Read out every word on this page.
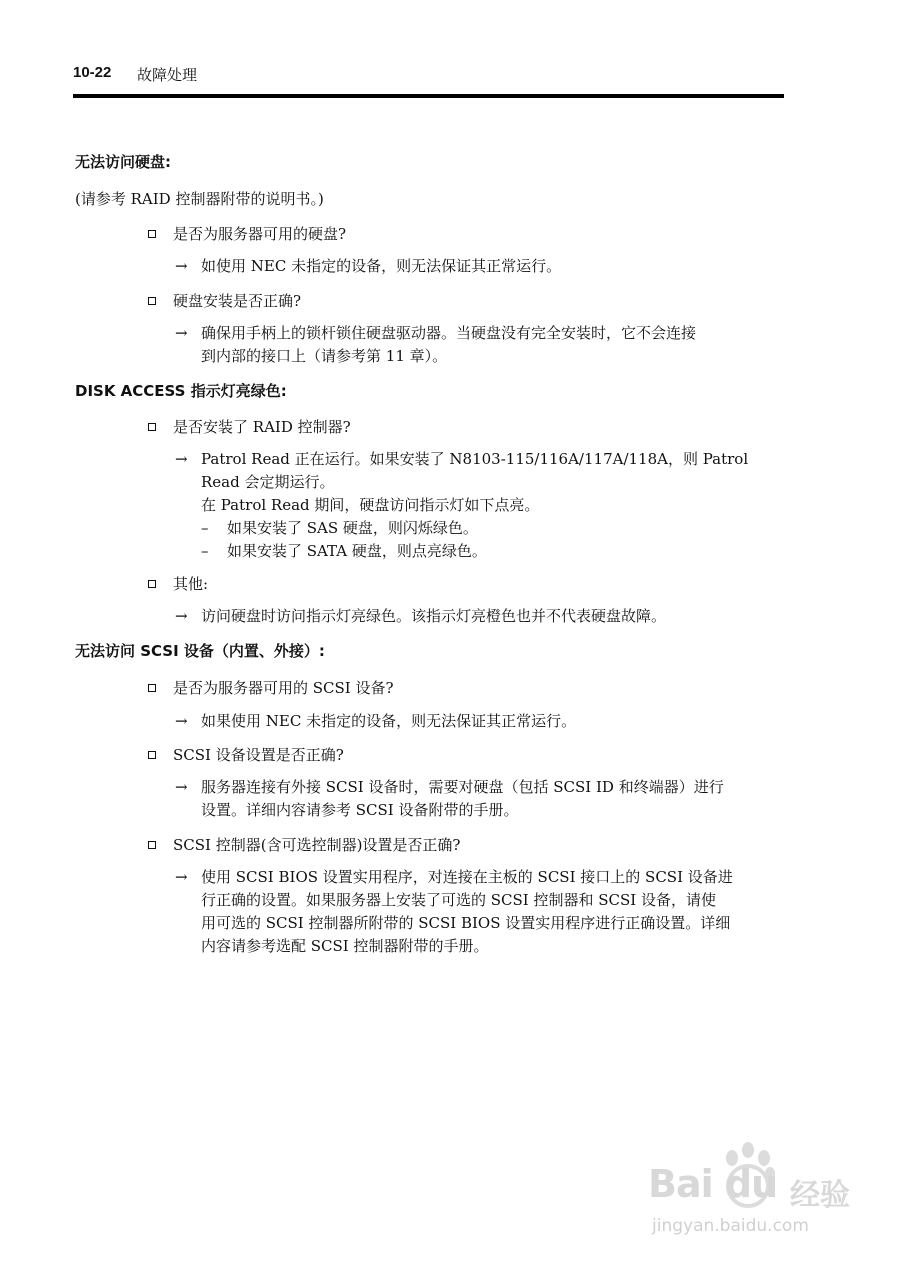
10-22 故障处理
无法访问硬盘:
(请参考 RAID 控制器附带的说明书。)
是否为服务器可用的硬盘?
→ 如使用 NEC 未指定的设备，则无法保证其正常运行。
硬盘安装是否正确?
→ 确保用手柄上的锁杆锁住硬盘驱动器。当硬盘没有完全安装时，它不会连接
到内部的接口上（请参考第 11 章）。
DISK ACCESS 指示灯亮绿色:
是否安装了 RAID 控制器?
→ Patrol Read 正在运行。如果安装了 N8103-115/116A/117A/118A，则 Patrol
Read 会定期运行。
在 Patrol Read 期间，硬盘访问指示灯如下点亮。
– 如果安装了 SAS 硬盘，则闪烁绿色。
– 如果安装了 SATA 硬盘，则点亮绿色。
其他:
→ 访问硬盘时访问指示灯亮绿色。该指示灯亮橙色也并不代表硬盘故障。
无法访问 SCSI 设备（内置、外接）:
是否为服务器可用的 SCSI 设备?
→ 如果使用 NEC 未指定的设备，则无法保证其正常运行。
SCSI 设备设置是否正确?
→ 服务器连接有外接 SCSI 设备时，需要对硬盘（包括 SCSI ID 和终端器）进行
设置。详细内容请参考 SCSI 设备附带的手册。
SCSI 控制器(含可选控制器)设置是否正确?
→ 使用 SCSI BIOS 设置实用程序，对连接在主板的 SCSI 接口上的 SCSI 设备进
行正确的设置。如果服务器上安装了可选的 SCSI 控制器和 SCSI 设备，请使
用可选的 SCSI 控制器所附带的 SCSI BIOS 设置实用程序进行正确设置。详细
内容请参考选配 SCSI 控制器附带的手册。
Bai du 经验
jingyan.baidu.com
